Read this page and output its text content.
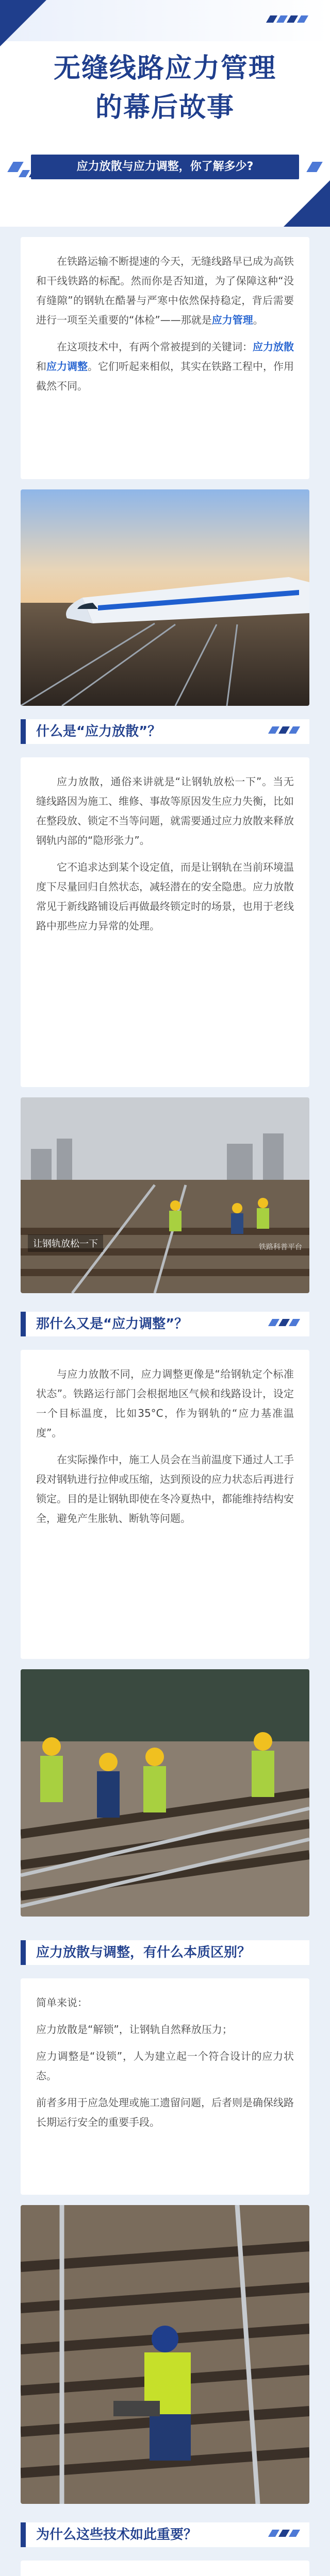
无缝线路应力管理
的幕后故事
应力放散与应力调整，你了解多少?

在铁路运输不断提速的今天，无缝线路早已成为高铁和干线铁路的标配。然而你是否知道，为了保障这种“没有缝隙”的钢轨在酷暑与严寒中依然保持稳定，背后需要进行一项至关重要的“体检”——那就是应力管理。

在这项技术中，有两个常被提到的关键词：应力放散和应力调整。它们听起来相似，其实在铁路工程中，作用截然不同。

什么是“应力放散”？

应力放散，通俗来讲就是“让钢轨放松一下”。当无缝线路因为施工、维修、事故等原因发生应力失衡，比如在整段放、锁定不当等问题，就需要通过应力放散来释放钢轨内部的“隐形张力”。

它不追求达到某个设定值，而是让钢轨在当前环境温度下尽量回归自然状态，减轻潜在的安全隐患。应力放散常见于新线路铺设后再做最终锁定时的场景，也用于老线路中那些应力异常的处理。

让钢轨放松一下	铁路科普平台
那什么又是“应力调整”？

与应力放散不同，应力调整更像是“给钢轨定个标准状态”。铁路运行部门会根据地区气候和线路设计，设定一个目标温度，比如35°C，作为钢轨的“应力基准温度”。

在实际操作中，施工人员会在当前温度下通过人工手段对钢轨进行拉伸或压缩，达到预设的应力状态后再进行锁定。目的是让钢轨即使在冬冷夏热中，都能维持结构安全，避免产生胀轨、断轨等问题。

应力放散与调整，有什么本质区别？

简单来说：

应力放散是“解锁”，让钢轨自然释放压力；

应力调整是“设锁”，人为建立起一个符合设计的应力状态。

前者多用于应急处理或施工遗留问题，后者则是确保线路长期运行安全的重要手段。

为什么这些技术如此重要？
